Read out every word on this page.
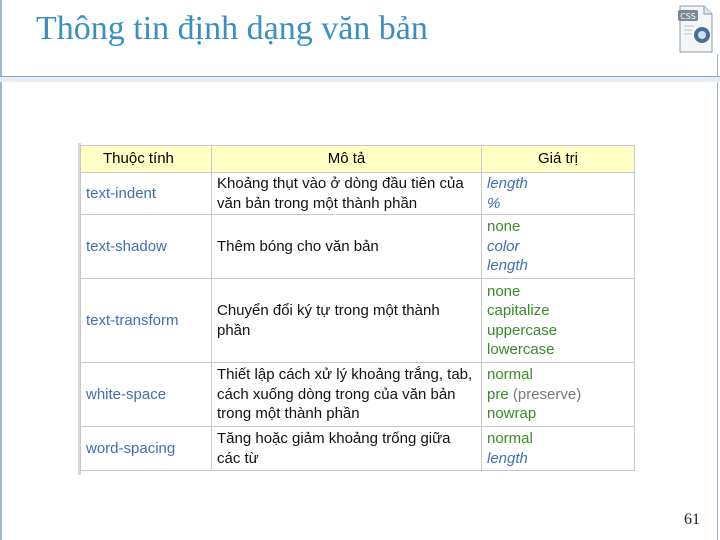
Thông tin định dạng văn bản	CSS
Thuộc tính	Mô tả	Giá trị
text-indent	Khoảng thụt vào ở dòng đầu tiên của văn bản trong một thành phần	length
%

text-shadow	Thêm bóng cho văn bản	none
color
length

text-transform	Chuyển đổi ký tự trong một thành phần	none
capitalize
uppercase
lowercase

white-space	Thiết lập cách xử lý khoảng trắng, tab, cách xuống dòng trong của văn bản trong một thành phần	normal
pre (preserve)
nowrap

word-spacing	Tăng hoặc giảm khoảng trống giữa các từ	normal
length
61
